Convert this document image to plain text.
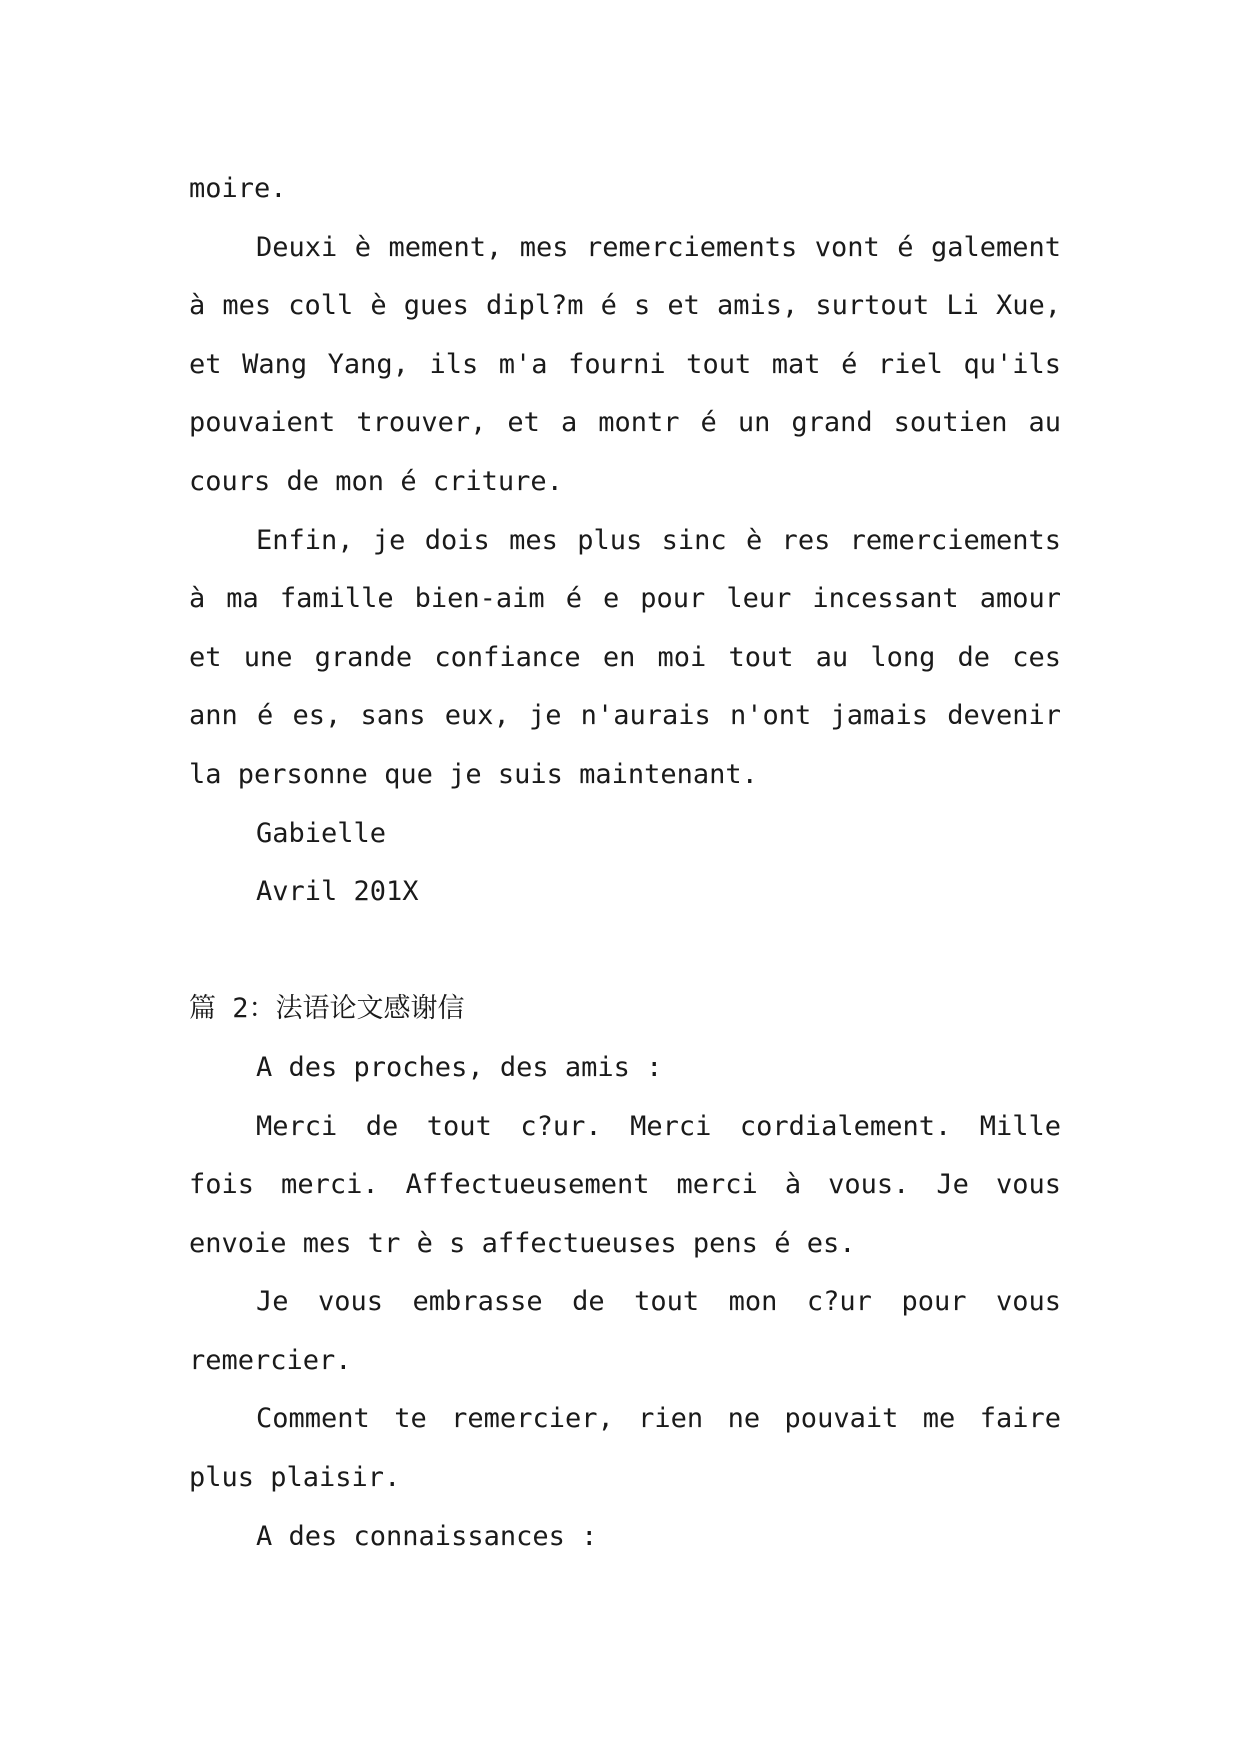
moire.

Deuxi è mement, mes remerciements vont é galement à mes coll è gues dipl?m é s et amis, surtout Li Xue, et Wang Yang, ils m'a fourni tout mat é riel qu'ils pouvaient trouver, et a montr é un grand soutien au cours de mon é criture.

Enfin, je dois mes plus sinc è res remerciements à ma famille bien-aim é e pour leur incessant amour et une grande confiance en moi tout au long de ces ann é es, sans eux, je n'aurais n'ont jamais devenir la personne que je suis maintenant.

Gabielle

Avril 201X

篇 2：法语论文感谢信

A des proches, des amis :

Merci de tout c?ur. Merci cordialement. Mille fois merci. Affectueusement merci à vous. Je vous envoie mes tr è s affectueuses pens é es.

Je vous embrasse de tout mon c?ur pour vous remercier.

Comment te remercier, rien ne pouvait me faire plus plaisir.

A des connaissances :
